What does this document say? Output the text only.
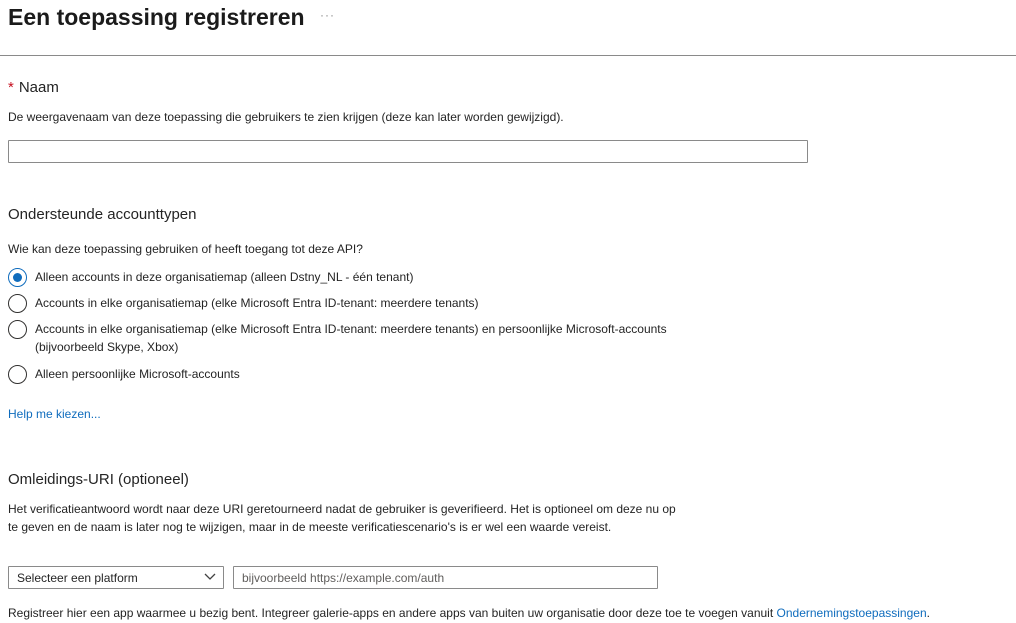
Een toepassing registreren ···
* Naam
De weergavenaam van deze toepassing die gebruikers te zien krijgen (deze kan later worden gewijzigd).
Ondersteunde accounttypen
Wie kan deze toepassing gebruiken of heeft toegang tot deze API?
Alleen accounts in deze organisatiemap (alleen Dstny_NL - één tenant)
Accounts in elke organisatiemap (elke Microsoft Entra ID-tenant: meerdere tenants)
Accounts in elke organisatiemap (elke Microsoft Entra ID-tenant: meerdere tenants) en persoonlijke Microsoft-accounts (bijvoorbeeld Skype, Xbox)
Alleen persoonlijke Microsoft-accounts
Help me kiezen...
Omleidings-URI (optioneel)
Het verificatieantwoord wordt naar deze URI geretourneerd nadat de gebruiker is geverifieerd. Het is optioneel om deze nu op te geven en de naam is later nog te wijzigen, maar in de meeste verificatiescenario's is er wel een waarde vereist.
Selecteer een platform
bijvoorbeeld https://example.com/auth
Registreer hier een app waarmee u bezig bent. Integreer galerie-apps en andere apps van buiten uw organisatie door deze toe te voegen vanuit Ondernemingstoepassingen.
